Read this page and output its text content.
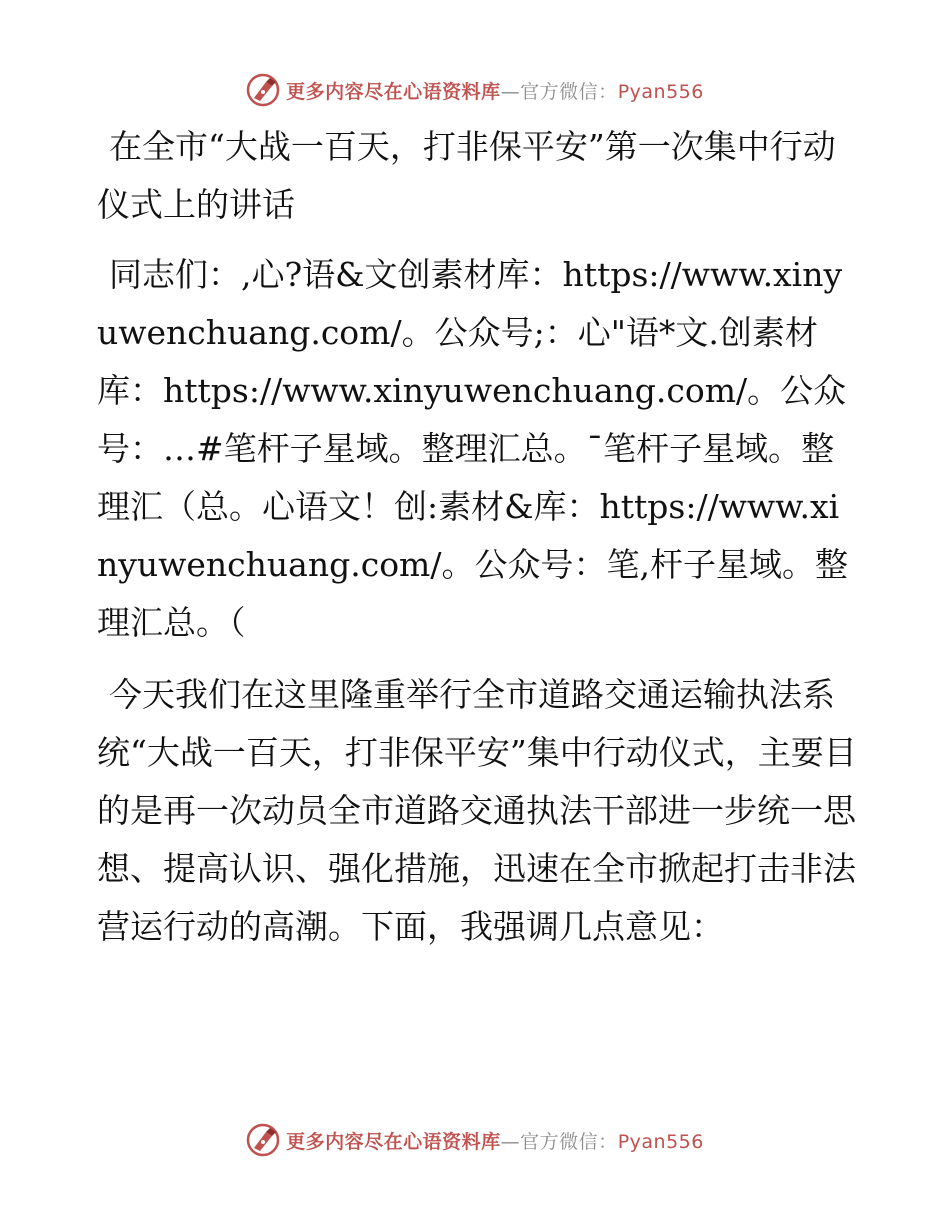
更多内容尽在心语资料库—官方微信：Pyan556

在全市“大战一百天，打非保平安”第一次集中行动仪式上的讲话

同志们：,心?语&文创素材库：https://www.xinyuwenchuang.com/。公众号;：心"语*文.创素材库：https://www.xinyuwenchuang.com/。公众号：…#笔杆子星域。整理汇总。¯笔杆子星域。整理汇（总。心语文！创:素材&库：https://www.xinyuwenchuang.com/。公众号：笔,杆子星域。整理汇总。（

今天我们在这里隆重举行全市道路交通运输执法系统“大战一百天，打非保平安”集中行动仪式，主要目的是再一次动员全市道路交通执法干部进一步统一思想、提高认识、强化措施，迅速在全市掀起打击非法营运行动的高潮。下面，我强调几点意见：

更多内容尽在心语资料库—官方微信：Pyan556
